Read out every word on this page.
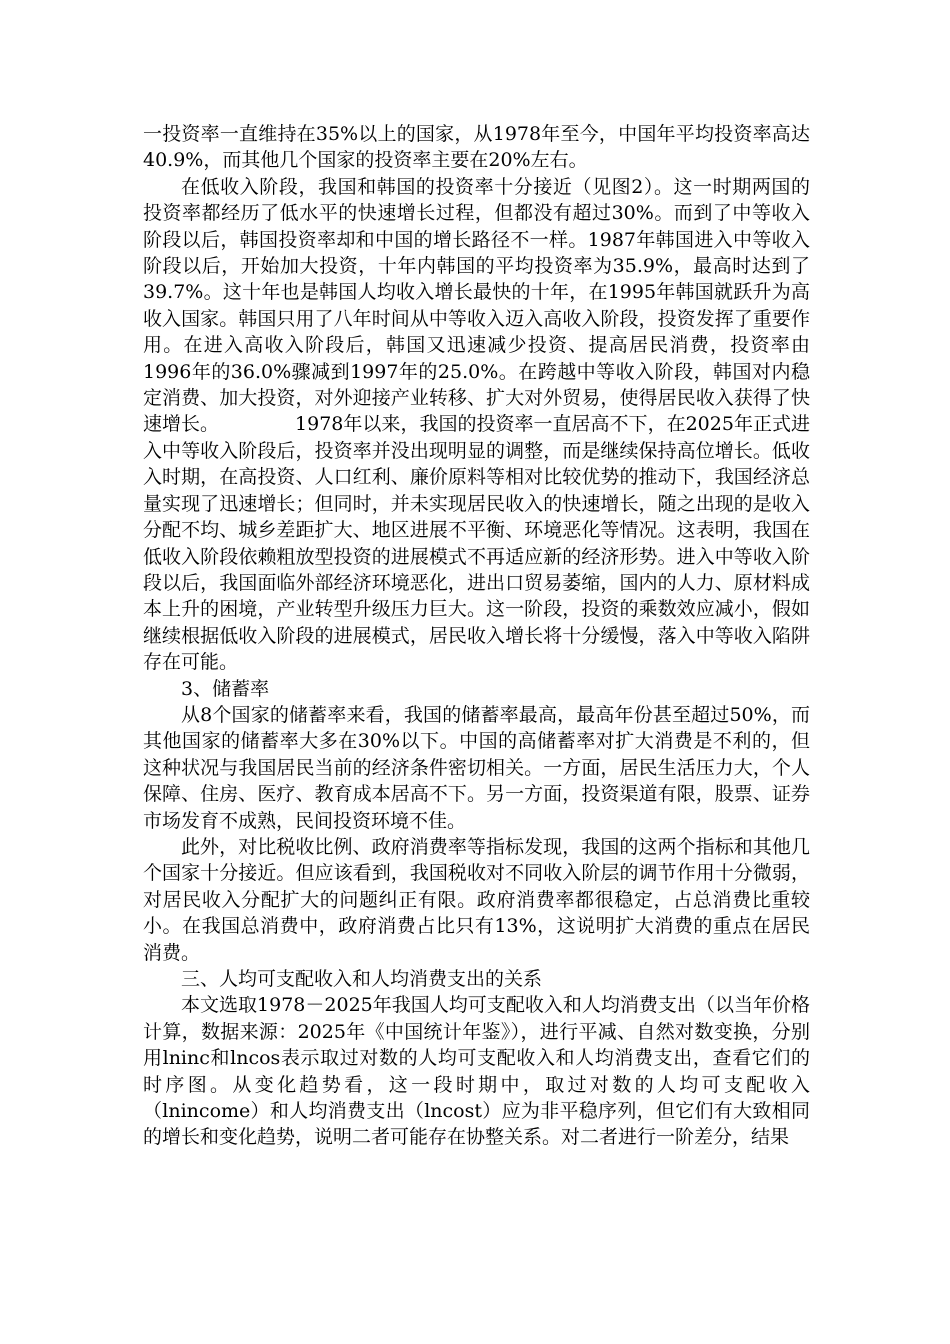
一投资率一直维持在35%以上的国家，从1978年至今，中国年平均投资率高达40.9%，而其他几个国家的投资率主要在20%左右。

在低收入阶段，我国和韩国的投资率十分接近（见图2）。这一时期两国的投资率都经历了低水平的快速增长过程，但都没有超过30%。而到了中等收入阶段以后，韩国投资率却和中国的增长路径不一样。1987年韩国进入中等收入阶段以后，开始加大投资，十年内韩国的平均投资率为35.9%，最高时达到了39.7%。这十年也是韩国人均收入增长最快的十年，在1995年韩国就跃升为高收入国家。韩国只用了八年时间从中等收入迈入高收入阶段，投资发挥了重要作用。在进入高收入阶段后，韩国又迅速减少投资、提高居民消费，投资率由1996年的36.0%骤减到1997年的25.0%。在跨越中等收入阶段，韩国对内稳定消费、加大投资，对外迎接产业转移、扩大对外贸易，使得居民收入获得了快速增长。	1978年以来，我国的投资率一直居高不下，在2025年正式进入中等收入阶段后，投资率并没出现明显的调整，而是继续保持高位增长。低收入时期，在高投资、人口红利、廉价原料等相对比较优势的推动下，我国经济总量实现了迅速增长；但同时，并未实现居民收入的快速增长，随之出现的是收入分配不均、城乡差距扩大、地区进展不平衡、环境恶化等情况。这表明，我国在低收入阶段依赖粗放型投资的进展模式不再适应新的经济形势。进入中等收入阶段以后，我国面临外部经济环境恶化，进出口贸易萎缩，国内的人力、原材料成本上升的困境，产业转型升级压力巨大。这一阶段，投资的乘数效应减小，假如继续根据低收入阶段的进展模式，居民收入增长将十分缓慢，落入中等收入陷阱存在可能。

3、储蓄率

从8个国家的储蓄率来看，我国的储蓄率最高，最高年份甚至超过50%，而其他国家的储蓄率大多在30%以下。中国的高储蓄率对扩大消费是不利的，但这种状况与我国居民当前的经济条件密切相关。一方面，居民生活压力大，个人保障、住房、医疗、教育成本居高不下。另一方面，投资渠道有限，股票、证券市场发育不成熟，民间投资环境不佳。

此外，对比税收比例、政府消费率等指标发现，我国的这两个指标和其他几个国家十分接近。但应该看到，我国税收对不同收入阶层的调节作用十分微弱，对居民收入分配扩大的问题纠正有限。政府消费率都很稳定，占总消费比重较小。在我国总消费中，政府消费占比只有13%，这说明扩大消费的重点在居民消费。

三、人均可支配收入和人均消费支出的关系

本文选取1978－2025年我国人均可支配收入和人均消费支出（以当年价格计算，数据来源：2025年《中国统计年鉴》），进行平减、自然对数变换，分别用lninc和lncos表示取过对数的人均可支配收入和人均消费支出，查看它们的时序图。从变化趋势看，这一段时期中，取过对数的人均可支配收入（lnincome）和人均消费支出（lncost）应为非平稳序列，但它们有大致相同的增长和变化趋势，说明二者可能存在协整关系。对二者进行一阶差分，结果
